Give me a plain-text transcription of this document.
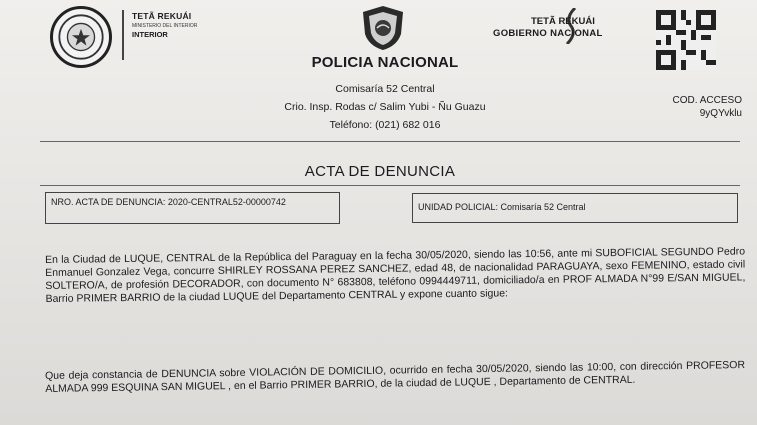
TETÃ REKUÁI
MINISTERIO DEL INTERIOR
INTERIOR
POLICIA NACIONAL
Comisaría 52 Central
Crio. Insp. Rodas c/ Salim Yubi - Ñu Guazu
Teléfono: (021) 682 016
TETÃ REKUÁI
GOBIERNO NACIONAL
COD. ACCESO
9yQYvklu
ACTA DE DENUNCIA
NRO. ACTA DE DENUNCIA: 2020-CENTRAL52-00000742	UNIDAD POLICIAL: Comisaría 52 Central
En la Ciudad de LUQUE, CENTRAL de la República del Paraguay en la fecha 30/05/2020, siendo las 10:56, ante mi SUBOFICIAL SEGUNDO Pedro Enmanuel Gonzalez Vega, concurre SHIRLEY ROSSANA PEREZ SANCHEZ, edad 48, de nacionalidad PARAGUAYA, sexo FEMENINO, estado civil SOLTERO/A, de profesión DECORADOR, con documento N° 683808, teléfono 0994449711, domiciliado/a en PROF ALMADA N°99 E/SAN MIGUEL, Barrio PRIMER BARRIO de la ciudad LUQUE del Departamento CENTRAL y expone cuanto sigue:
Que deja constancia de DENUNCIA sobre VIOLACIÓN DE DOMICILIO, ocurrido en fecha 30/05/2020, siendo las 10:00, con dirección PROFESOR ALMADA 999 ESQUINA SAN MIGUEL , en el Barrio PRIMER BARRIO, de la ciudad de LUQUE , Departamento de CENTRAL.
